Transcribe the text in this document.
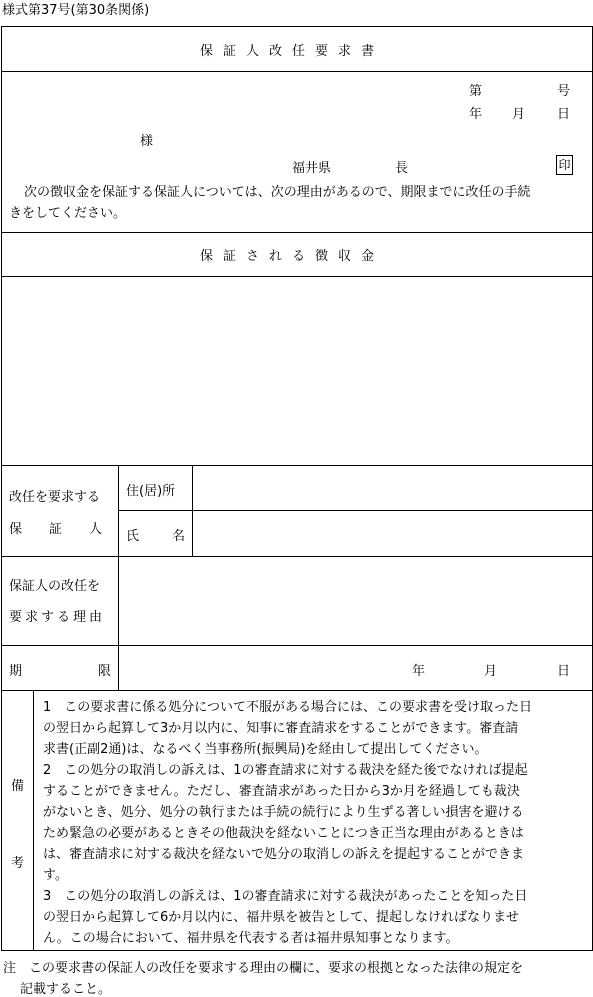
様式第37号(第30条関係)
保証人改任要求書
第	号
年 月 日
様
福井県	長	印
次の徴収金を保証する保証人については、次の理由があるので、期限までに改任の手続
きをしてください。
保証される徴収金
改任を要求する
保証人
住(居)所
氏名
保証人の改任を
要求する理由
期限	年	月	日
備
考
1　この要求書に係る処分について不服がある場合には、この要求書を受け取った日
の翌日から起算して3か月以内に、知事に審査請求をすることができます。審査請
求書(正副2通)は、なるべく当事務所(振興局)を経由して提出してください。
2　この処分の取消しの訴えは、1の審査請求に対する裁決を経た後でなければ提起
することができません。ただし、審査請求があった日から3か月を経過しても裁決
がないとき、処分、処分の執行または手続の続行により生ずる著しい損害を避ける
ため緊急の必要があるときその他裁決を経ないことにつき正当な理由があるときは
は、審査請求に対する裁決を経ないで処分の取消しの訴えを提起することができま
す。
3　この処分の取消しの訴えは、1の審査請求に対する裁決があったことを知った日
の翌日から起算して6か月以内に、福井県を被告として、提起しなければなりませ
ん。この場合において、福井県を代表する者は福井県知事となります。
注　この要求書の保証人の改任を要求する理由の欄に、要求の根拠となった法律の規定を
記載すること。
